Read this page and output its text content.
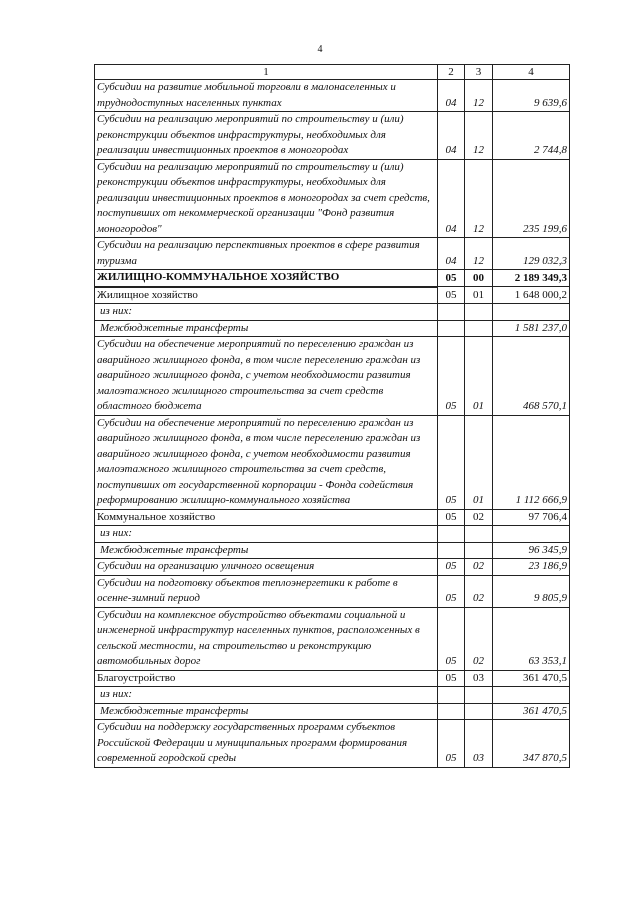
4
1	2	3	4
Субсидии на развитие мобильной торговли в малонаселенных и труднодоступных населенных пунктах	04	12	9 639,6
Субсидии на реализацию мероприятий по строительству и (или) реконструкции объектов инфраструктуры, необходимых для реализации инвестиционных проектов в моногородах	04	12	2 744,8
Субсидии на реализацию мероприятий по строительству и (или) реконструкции объектов инфраструктуры, необходимых для реализации инвестиционных проектов в моногородах за счет средств, поступивших от некоммерческой организации "Фонд развития моногородов"	04	12	235 199,6
Субсидии на реализацию перспективных проектов в сфере развития туризма	04	12	129 032,3
ЖИЛИЩНО-КОММУНАЛЬНОЕ ХОЗЯЙСТВО	05	00	2 189 349,3
Жилищное хозяйство	05	01	1 648 000,2
из них:			
Межбюджетные трансферты			1 581 237,0
Субсидии на обеспечение мероприятий по переселению граждан из аварийного жилищного фонда, в том числе переселению граждан из аварийного жилищного фонда, с учетом необходимости развития малоэтажного жилищного строительства за счет средств областного бюджета	05	01	468 570,1
Субсидии на обеспечение мероприятий по переселению граждан из аварийного жилищного фонда, в том числе переселению граждан из аварийного жилищного фонда, с учетом необходимости развития малоэтажного жилищного строительства за счет средств, поступивших от государственной корпорации - Фонда содействия реформированию жилищно-коммунального хозяйства	05	01	1 112 666,9
Коммунальное хозяйство	05	02	97 706,4
из них:			
Межбюджетные трансферты			96 345,9
Субсидии на организацию уличного освещения	05	02	23 186,9
Субсидии на подготовку объектов теплоэнергетики к работе в осенне-зимний период	05	02	9 805,9
Субсидии на комплексное обустройство объектами социальной и инженерной инфраструктур населенных пунктов, расположенных в сельской местности, на строительство и реконструкцию автомобильных дорог	05	02	63 353,1
Благоустройство	05	03	361 470,5
из них:			
Межбюджетные трансферты			361 470,5
Субсидии на поддержку государственных программ субъектов Российской Федерации и муниципальных программ формирования современной городской среды	05	03	347 870,5
